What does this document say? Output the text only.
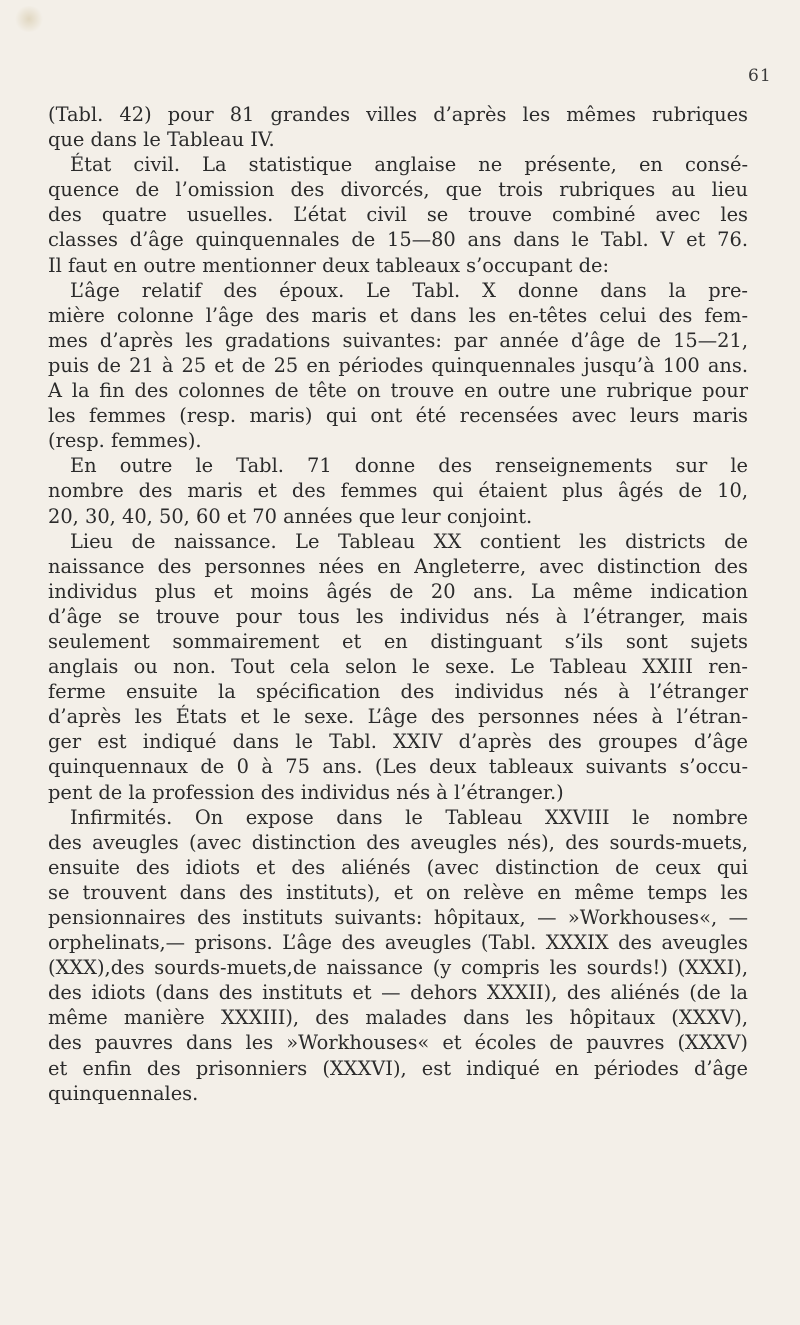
61
(Tabl. 42) pour 81 grandes villes d’après les mêmes rubriques
que dans le Tableau IV.
État civil. La statistique anglaise ne présente, en consé-
quence de l’omission des divorcés, que trois rubriques au lieu
des quatre usuelles. L’état civil se trouve combiné avec les
classes d’âge quinquennales de 15—80 ans dans le Tabl. V et 76.
Il faut en outre mentionner deux tableaux s’occupant de:
L’âge relatif des époux. Le Tabl. X donne dans la pre-
mière colonne l’âge des maris et dans les en-têtes celui des fem-
mes d’après les gradations suivantes: par année d’âge de 15—21,
puis de 21 à 25 et de 25 en périodes quinquennales jusqu’à 100 ans.
A la fin des colonnes de tête on trouve en outre une rubrique pour
les femmes (resp. maris) qui ont été recensées avec leurs maris
(resp. femmes).
En outre le Tabl. 71 donne des renseignements sur le
nombre des maris et des femmes qui étaient plus âgés de 10,
20, 30, 40, 50, 60 et 70 années que leur conjoint.
Lieu de naissance. Le Tableau XX contient les districts de
naissance des personnes nées en Angleterre, avec distinction des
individus plus et moins âgés de 20 ans. La même indication
d’âge se trouve pour tous les individus nés à l’étranger, mais
seulement sommairement et en distinguant s’ils sont sujets
anglais ou non. Tout cela selon le sexe. Le Tableau XXIII ren-
ferme ensuite la spécification des individus nés à l’étranger
d’après les États et le sexe. L’âge des personnes nées à l’étran-
ger est indiqué dans le Tabl. XXIV d’après des groupes d’âge
quinquennaux de 0 à 75 ans. (Les deux tableaux suivants s’occu-
pent de la profession des individus nés à l’étranger.)
Infirmités. On expose dans le Tableau XXVIII le nombre
des aveugles (avec distinction des aveugles nés), des sourds-muets,
ensuite des idiots et des aliénés (avec distinction de ceux qui
se trouvent dans des instituts), et on relève en même temps les
pensionnaires des instituts suivants: hôpitaux, — »Workhouses«, —
orphelinats,— prisons. L’âge des aveugles (Tabl. XXXIX des aveugles
(XXX),des sourds-muets,de naissance (y compris les sourds!) (XXXI),
des idiots (dans des instituts et — dehors XXXII), des aliénés (de la
même manière XXXIII), des malades dans les hôpitaux (XXXV),
des pauvres dans les »Workhouses« et écoles de pauvres (XXXV)
et enfin des prisonniers (XXXVI), est indiqué en périodes d’âge
quinquennales.
